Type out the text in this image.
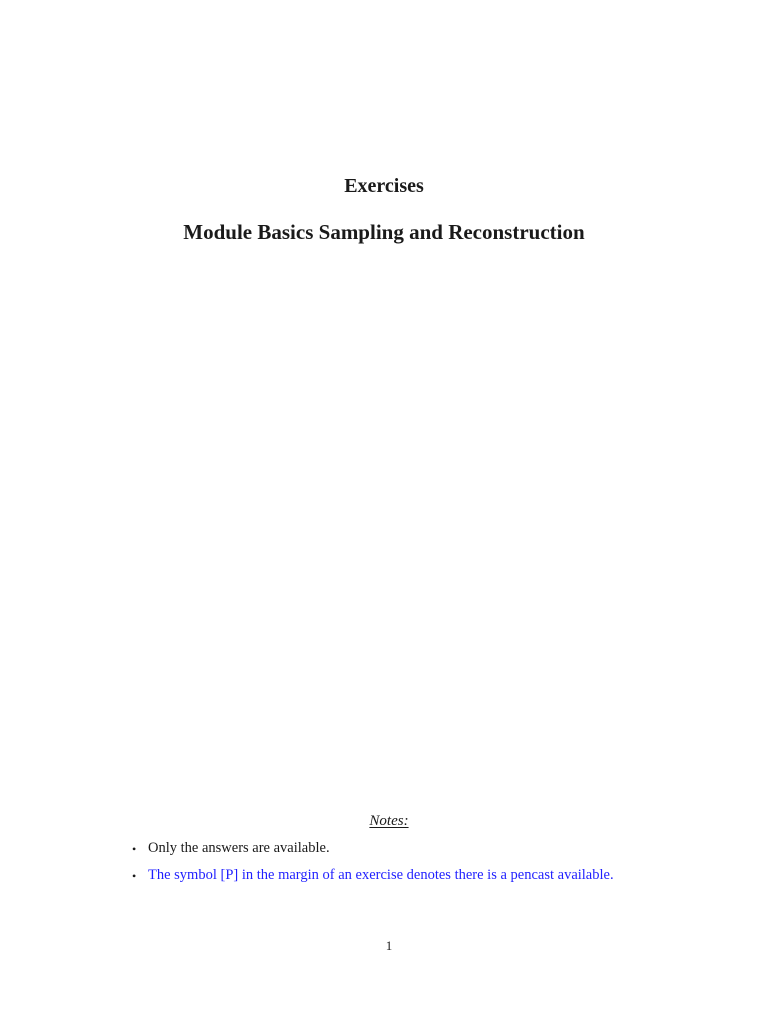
Exercises
Module Basics Sampling and Reconstruction

Notes:

• Only the answers are available.
• The symbol [P] in the margin of an exercise denotes there is a pencast available.

1
